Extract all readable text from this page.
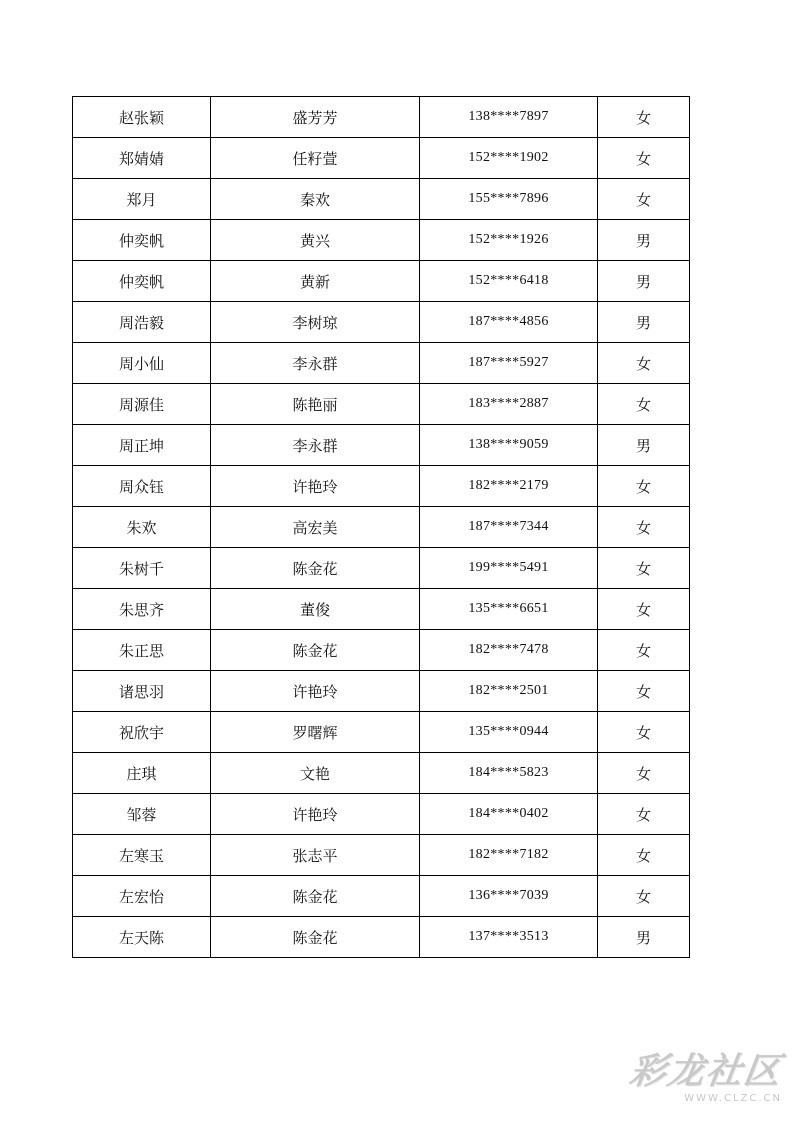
赵张颖	盛芳芳	138****7897	女
郑婧婧	任籽萱	152****1902	女
郑月	秦欢	155****7896	女
仲奕帆	黄兴	152****1926	男
仲奕帆	黄新	152****6418	男
周浩毅	李树琼	187****4856	男
周小仙	李永群	187****5927	女
周源佳	陈艳丽	183****2887	女
周正坤	李永群	138****9059	男
周众钰	许艳玲	182****2179	女
朱欢	高宏美	187****7344	女
朱树千	陈金花	199****5491	女
朱思齐	董俊	135****6651	女
朱正思	陈金花	182****7478	女
诸思羽	许艳玲	182****2501	女
祝欣宇	罗曙辉	135****0944	女
庄琪	文艳	184****5823	女
邹蓉	许艳玲	184****0402	女
左寒玉	张志平	182****7182	女
左宏怡	陈金花	136****7039	女
左天陈	陈金花	137****3513	男
彩龙社区
WWW.CLZC.CN
